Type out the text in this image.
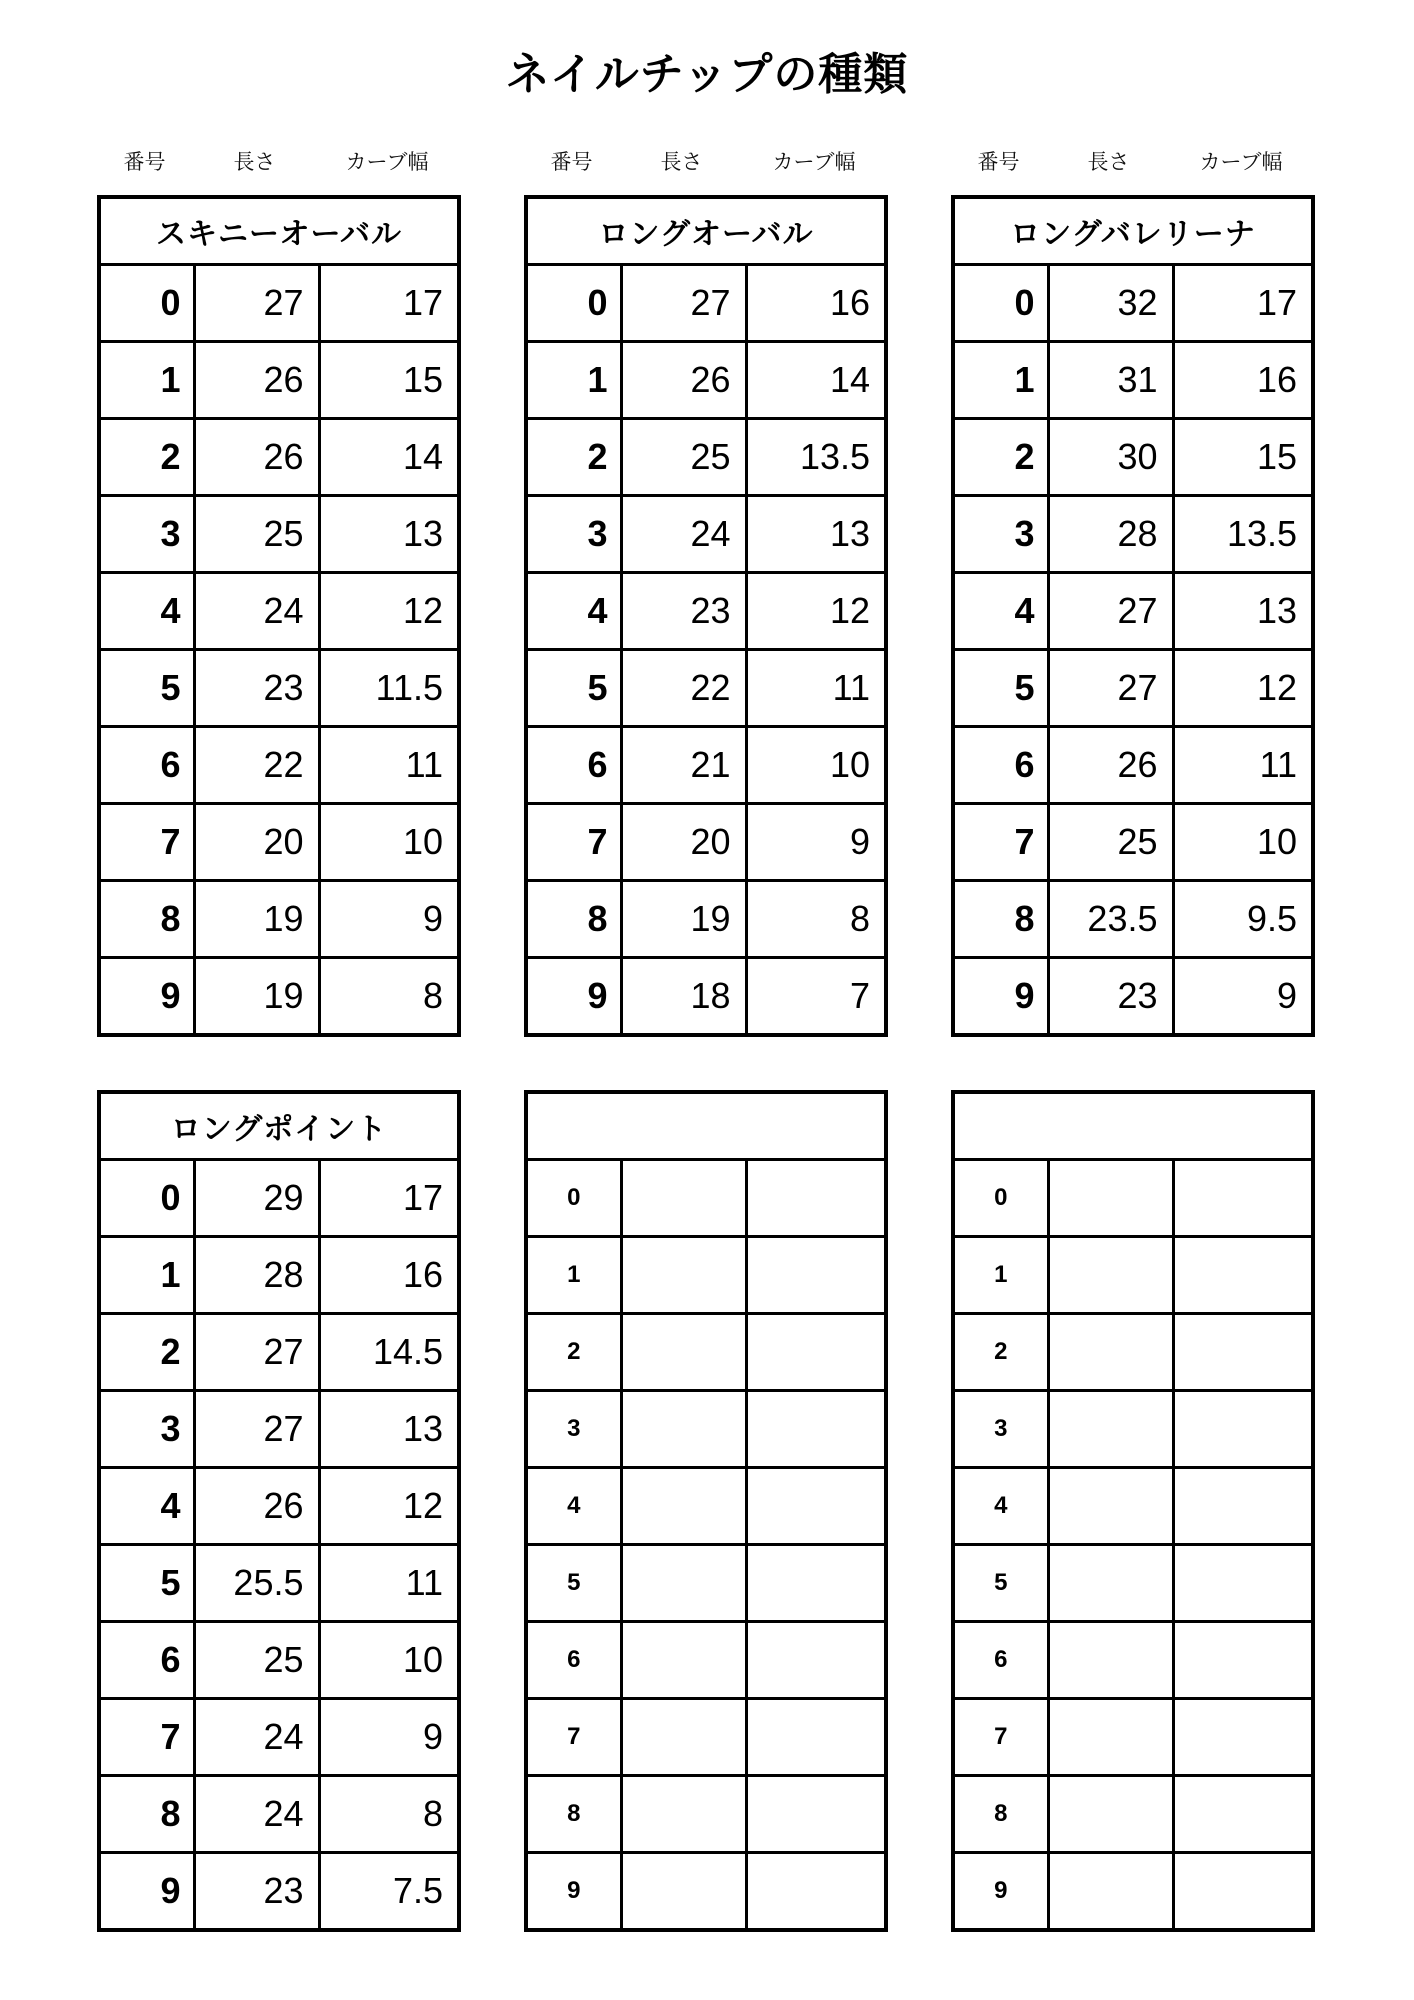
ネイルチップの種類
番号	長さ	カーブ幅	番号	長さ	カーブ幅	番号	長さ	カーブ幅
スキニーオーバル		
0	27	17
1	26	15
2	26	14
3	25	13
4	24	12
5	23	11.5
6	22	11
7	20	10
8	19	9
9	19	8
ロングオーバル		
0	27	16
1	26	14
2	25	13.5
3	24	13
4	23	12
5	22	11
6	21	10
7	20	9
8	19	8
9	18	7
ロングバレリーナ		
0	32	17
1	31	16
2	30	15
3	28	13.5
4	27	13
5	27	12
6	26	11
7	25	10
8	23.5	9.5
9	23	9
ロングポイント		
0	29	17
1	28	16
2	27	14.5
3	27	13
4	26	12
5	25.5	11
6	25	10
7	24	9
8	24	8
9	23	7.5

0		
1		
2		
3		
4		
5		
6		
7		
8		
9		

0		
1		
2		
3		
4		
5		
6		
7		
8		
9		
